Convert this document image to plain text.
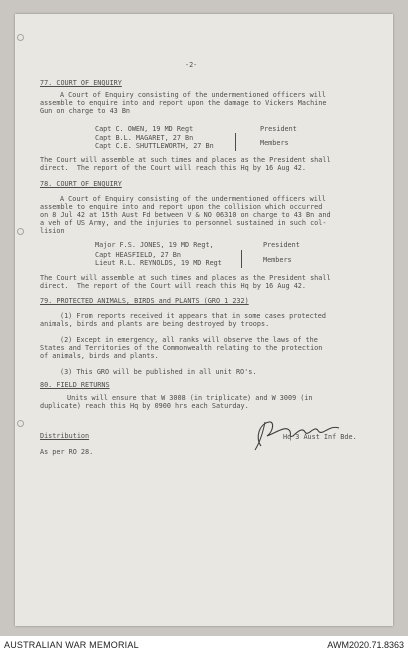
-2-
77. COURT OF ENQUIRY
A Court of Enquiry consisting of the undermentioned officers will
assemble to enquire into and report upon the damage to Vickers Machine
Gun on charge to 43 Bn
Capt C. OWEN, 19 MD Regt	President
Capt B.L. MAGARET, 27 Bn
Capt C.E. SHUTTLEWORTH, 27 Bn	Members
The Court will assemble at such times and places as the President shall
direct.  The report of the Court will reach this Hq by 16 Aug 42.
78. COURT OF ENQUIRY
A Court of Enquiry consisting of the undermentioned officers will
assemble to enquire into and report upon the collision which occurred
on 8 Jul 42 at 15th Aust Fd between V & NO 06310 on charge to 43 Bn and
a veh of US Army, and the injuries to personnel sustained in such col-
lision
Major F.S. JONES, 19 MD Regt,	President
Capt HEASFIELD, 27 Bn
Lieut R.L. REYNOLDS, 19 MD Regt	Members
The Court will assemble at such times and places as the President shall
direct.  The report of the Court will reach this Hq by 16 Aug 42.
79. PROTECTED ANIMALS, BIRDS and PLANTS (GRO 1 232)
(1) From reports received it appears that in some cases protected
animals, birds and plants are being destroyed by troops.
(2) Except in emergency, all ranks will observe the laws of the
States and Territories of the Commonwealth relating to the protection
of animals, birds and plants.
(3) This GRO will be published in all unit RO's.
80. FIELD RETURNS
Units will ensure that W 3008 (in triplicate) and W 3009 (in
duplicate) reach this Hq by 0900 hrs each Saturday.
Hq 3 Aust Inf Bde.
Distribution
As per RO 28.
AUSTRALIAN WAR MEMORIAL	AWM2020.71.8363
